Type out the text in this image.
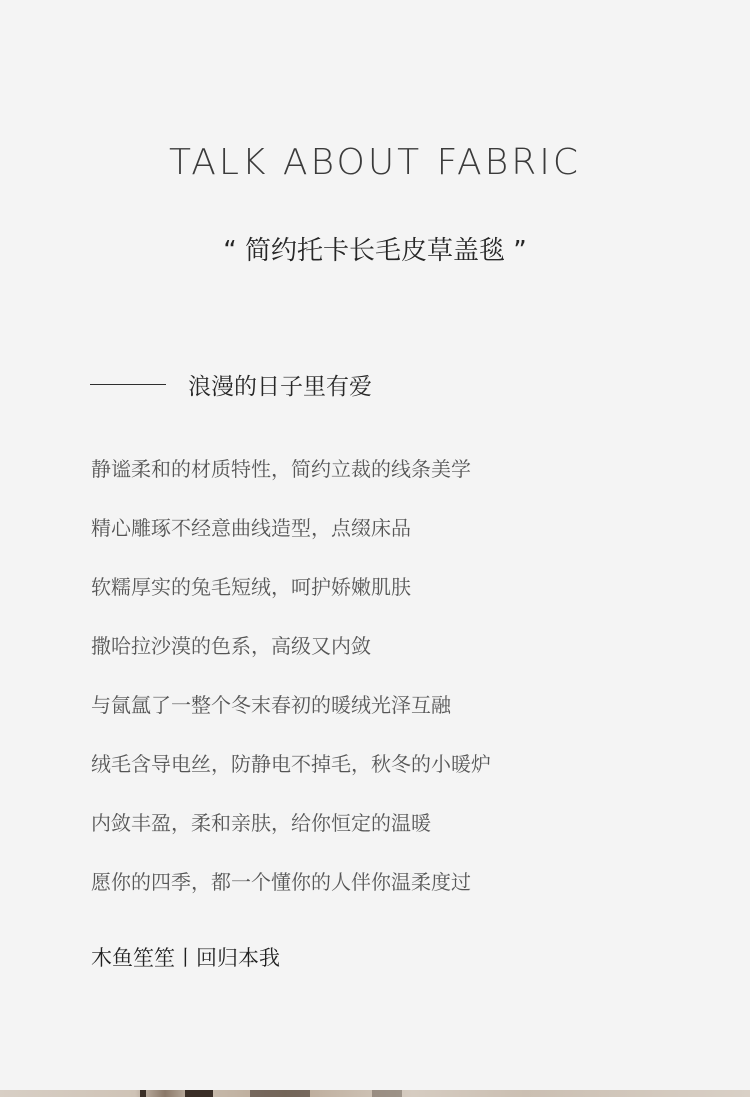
TALK ABOUT FABRIC

“ 简约托卡长毛皮草盖毯 ”

浪漫的日子里有爱
静谧柔和的材质特性，简约立裁的线条美学
精心雕琢不经意曲线造型，点缀床品
软糯厚实的兔毛短绒，呵护娇嫩肌肤
撒哈拉沙漠的色系，高级又内敛
与氤氲了一整个冬末春初的暖绒光泽互融
绒毛含导电丝，防静电不掉毛，秋冬的小暖炉
内敛丰盈，柔和亲肤，给你恒定的温暖
愿你的四季，都一个懂你的人伴你温柔度过
木鱼笙笙丨回归本我
